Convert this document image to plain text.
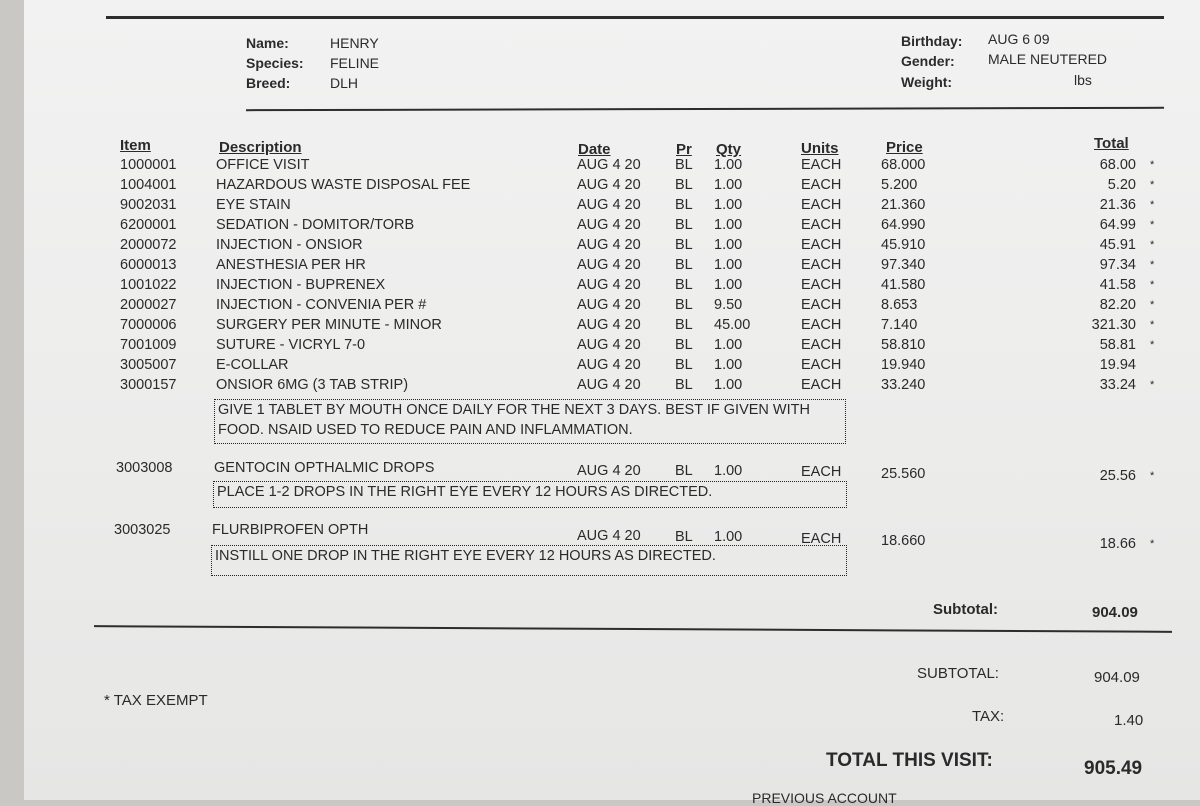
Name:	HENRY
Species: FELINE
Breed:	DLH
Birthday: AUG 6 09
Gender: MALE NEUTERED
Weight:	lbs
Item	Description	Date	Pr Qty	Units	Price	Total
1000001	OFFICE VISIT	AUG 4 20 BL 1.00	EACH	68.000	68.00 *
1004001	HAZARDOUS WASTE DISPOSAL FEE	AUG 4 20 BL 1.00	EACH	5.200	5.20 *
9002031	EYE STAIN	AUG 4 20 BL 1.00	EACH	21.360	21.36 *
6200001	SEDATION - DOMITOR/TORB	AUG 4 20 BL 1.00	EACH	64.990	64.99 *
2000072	INJECTION - ONSIOR	AUG 4 20 BL 1.00	EACH	45.910	45.91 *
6000013	ANESTHESIA PER HR	AUG 4 20 BL 1.00	EACH	97.340	97.34 *
1001022	INJECTION - BUPRENEX	AUG 4 20 BL 1.00	EACH	41.580	41.58 *
2000027	INJECTION - CONVENIA PER #	AUG 4 20 BL 9.50	EACH	8.653	82.20 *
7000006	SURGERY PER MINUTE - MINOR	AUG 4 20 BL 45.00	EACH	7.140	321.30 *
7001009	SUTURE - VICRYL 7-0	AUG 4 20 BL 1.00	EACH	58.810	58.81 *
3005007	E-COLLAR	AUG 4 20 BL 1.00	EACH	19.940	19.94
3000157	ONSIOR 6MG (3 TAB STRIP)	AUG 4 20 BL 1.00	EACH	33.240	33.24 *
GIVE 1 TABLET BY MOUTH ONCE DAILY FOR THE NEXT 3 DAYS. BEST IF GIVEN WITH
FOOD. NSAID USED TO REDUCE PAIN AND INFLAMMATION.
3003008	GENTOCIN OPTHALMIC DROPS	AUG 4 20 BL 1.00	EACH	25.560	25.56 *
PLACE 1-2 DROPS IN THE RIGHT EYE EVERY 12 HOURS AS DIRECTED.
3003025	FLURBIPROFEN OPTH	AUG 4 20 BL 1.00	EACH	18.660	18.66 *
INSTILL ONE DROP IN THE RIGHT EYE EVERY 12 HOURS AS DIRECTED.
Subtotal:	904.09
SUBTOTAL:	904.09
* TAX EXEMPT
TAX:	1.40
TOTAL THIS VISIT:	905.49
PREVIOUS ACCOUNT
